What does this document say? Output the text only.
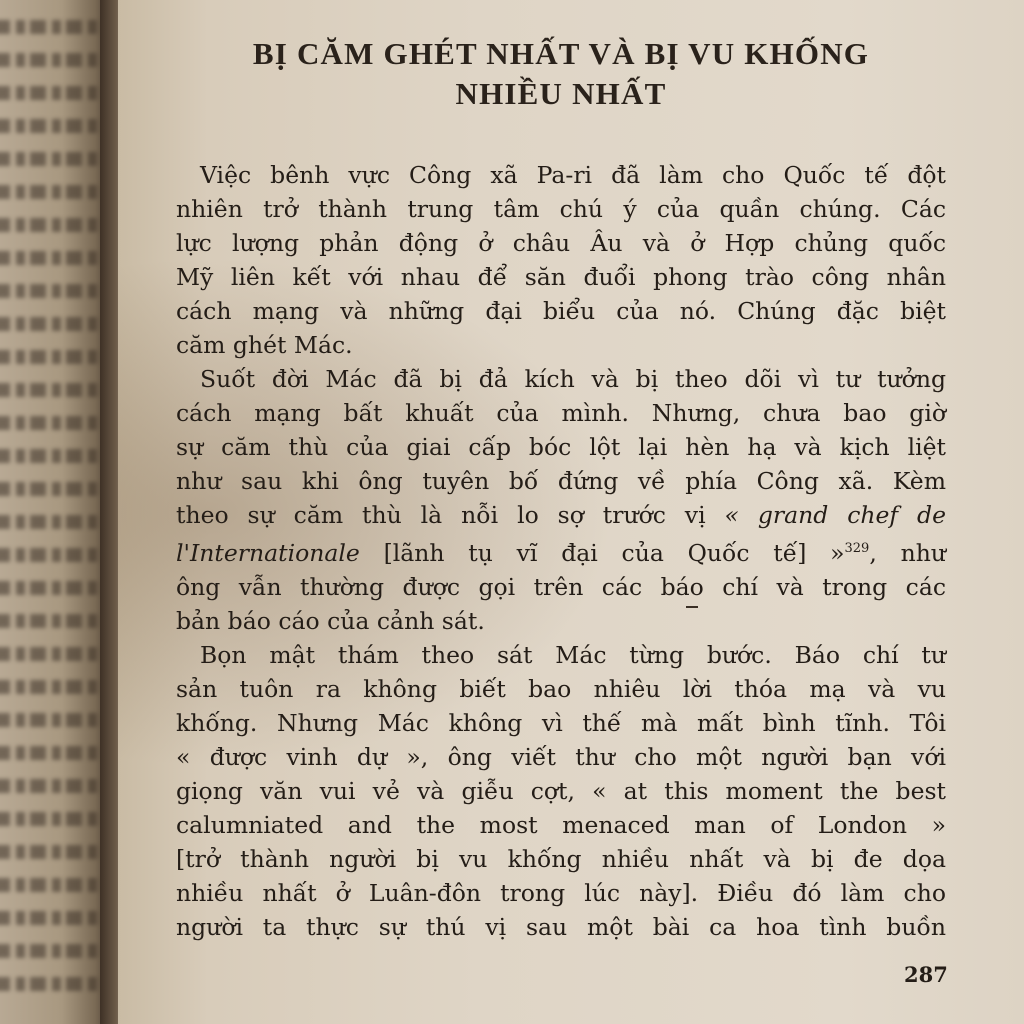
BỊ CĂM GHÉT NHẤT VÀ BỊ VU KHỐNG
NHIỀU NHẤT
Việc bênh vực Công xã Pa-ri đã làm cho Quốc tế đột
nhiên trở thành trung tâm chú ý của quần chúng. Các
lực lượng phản động ở châu Âu và ở Hợp chủng quốc
Mỹ liên kết với nhau để săn đuổi phong trào công nhân
cách mạng và những đại biểu của nó. Chúng đặc biệt
căm ghét Mác.
Suốt đời Mác đã bị đả kích và bị theo dõi vì tư tưởng
cách mạng bất khuất của mình. Nhưng, chưa bao giờ
sự căm thù của giai cấp bóc lột lại hèn hạ và kịch liệt
như sau khi ông tuyên bố đứng về phía Công xã. Kèm
theo sự căm thù là nỗi lo sợ trước vị « grand chef de
l'Internationale [lãnh tụ vĩ đại của Quốc tế] »$^{329}$, như
ông vẫn thường được gọi trên các báo chí và trong các
bản báo cáo của cảnh sát.
Bọn mật thám theo sát Mác từng bước. Báo chí tư
sản tuôn ra không biết bao nhiêu lời thóa mạ và vu
khống. Nhưng Mác không vì thế mà mất bình tĩnh. Tôi
« được vinh dự », ông viết thư cho một người bạn với
giọng văn vui vẻ và giễu cợt, « at this moment the best
calumniated and the most menaced man of London »
[trở thành người bị vu khống nhiều nhất và bị đe dọa
nhiều nhất ở Luân-đôn trong lúc này]. Điều đó làm cho
người ta thực sự thú vị sau một bài ca hoa tình buồn
287
